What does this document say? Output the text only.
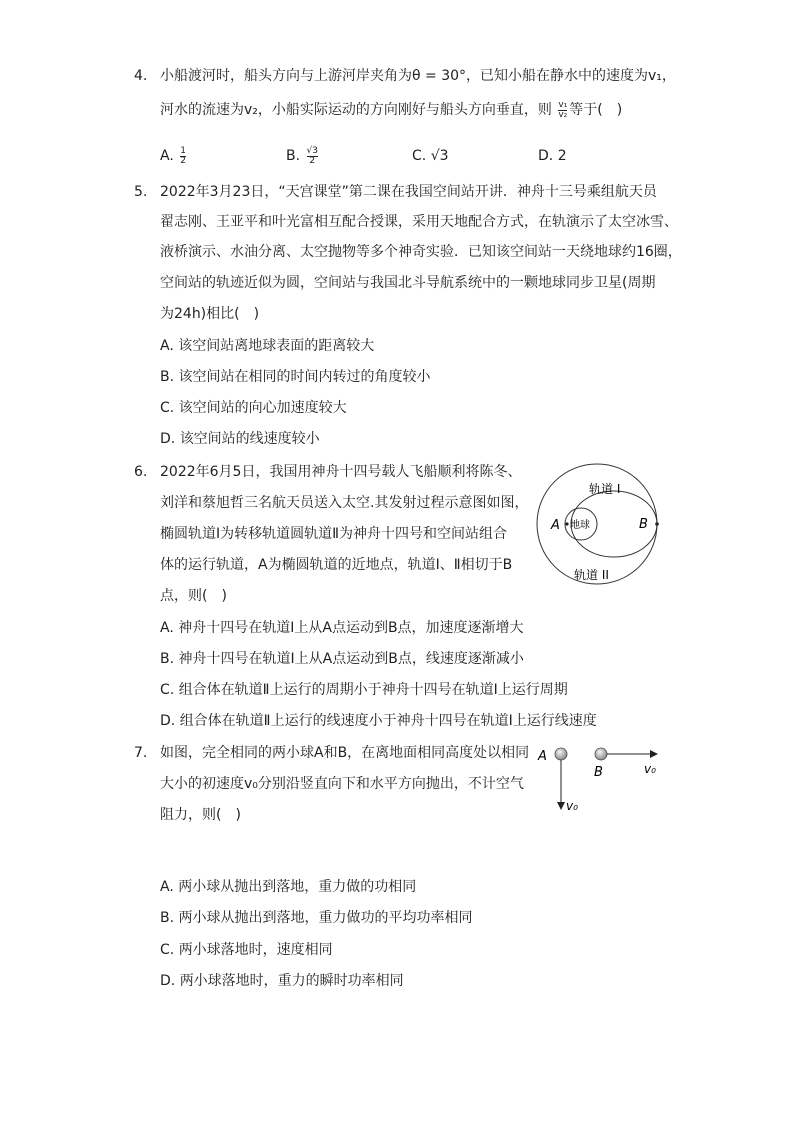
4. 小船渡河时，船头方向与上游河岸夹角为θ = 30°，已知小船在静水中的速度为v₁，
河水的流速为v₂，小船实际运动的方向刚好与船头方向垂直，则 $\frac{\text{v₁}}{\text{v₂}}$ 等于(　)
A. $\frac{1}{2}$	B. $\frac{√3}{2}$	C. √3	D. 2
5. 2022年3月23日，“天宫课堂”第二课在我国空间站开讲．神舟十三号乘组航天员
翟志刚、王亚平和叶光富相互配合授课，采用天地配合方式，在轨演示了太空冰雪、
液桥演示、水油分离、太空抛物等多个神奇实验．已知该空间站一天绕地球约16圈，
空间站的轨迹近似为圆，空间站与我国北斗导航系统中的一颗地球同步卫星(周期
为24h)相比(　)
A. 该空间站离地球表面的距离较大
B. 该空间站在相同的时间内转过的角度较小
C. 该空间站的向心加速度较大
D. 该空间站的线速度较小
6. 2022年6月5日，我国用神舟十四号载人飞船顺利将陈冬、
刘洋和蔡旭哲三名航天员送入太空.其发射过程示意图如图，
椭圆轨道Ⅰ为转移轨道圆轨道Ⅱ为神舟十四号和空间站组合
体的运行轨道，A为椭圆轨道的近地点，轨道Ⅰ、Ⅱ相切于B
点，则(　)
地球
A	B
轨道 I
轨道 II
A. 神舟十四号在轨道Ⅰ上从A点运动到B点，加速度逐渐增大
B. 神舟十四号在轨道Ⅰ上从A点运动到B点，线速度逐渐减小
C. 组合体在轨道Ⅱ上运行的周期小于神舟十四号在轨道Ⅰ上运行周期
D. 组合体在轨道Ⅱ上运行的线速度小于神舟十四号在轨道Ⅰ上运行线速度
7. 如图，完全相同的两小球A和B，在离地面相同高度处以相同
大小的初速度v₀分别沿竖直向下和水平方向抛出，不计空气
阻力，则(　)
A
v₀
B	v₀
A. 两小球从抛出到落地，重力做的功相同
B. 两小球从抛出到落地，重力做功的平均功率相同
C. 两小球落地时，速度相同
D. 两小球落地时，重力的瞬时功率相同
